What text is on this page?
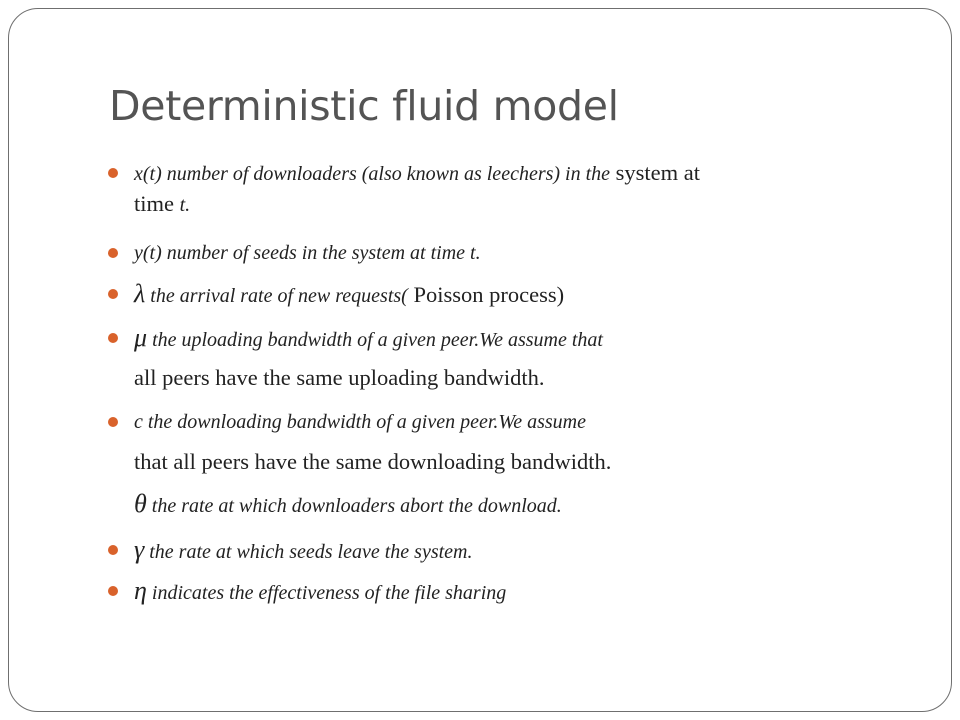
Deterministic fluid model
x(t) number of downloaders (also known as leechers) in the system at
time t.
y(t) number of seeds in the system at time t.
λ the arrival rate of new requests( Poisson process)
μ the uploading bandwidth of a given peer.We assume that
all peers have the same uploading bandwidth.
c the downloading bandwidth of a given peer.We assume
that all peers have the same downloading bandwidth.
θ the rate at which downloaders abort the download.
γ the rate at which seeds leave the system.
η indicates the effectiveness of the file sharing
